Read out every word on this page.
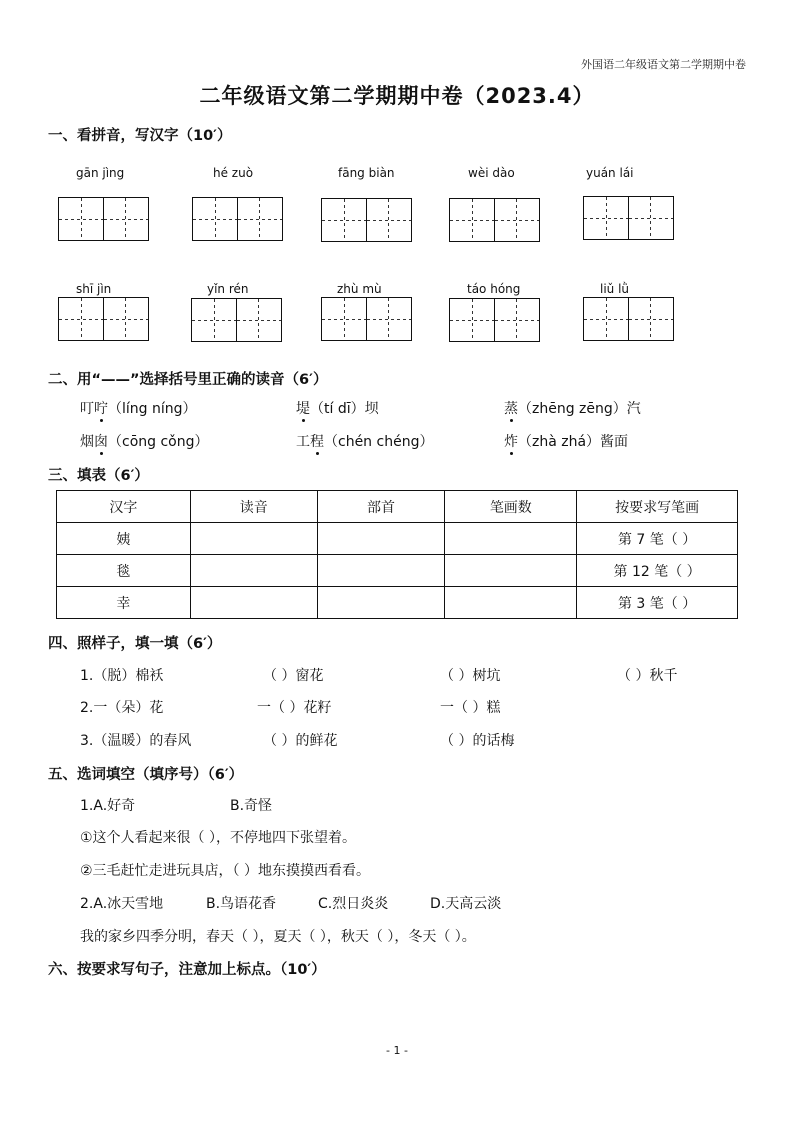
外国语二年级语文第二学期期中卷
二年级语文第二学期期中卷（2023.4）
一、看拼音，写汉字（10′）
gān jìng	hé zuò	fāng biàn	wèi dào	yuán lái
shī jìn	yǐn rén	zhù mù	táo hóng	liǔ lǜ
二、用“——”选择括号里正确的读音（6′）
叮咛（líng níng）	堤（tí dī）坝	蒸（zhēng zēng）汽
烟囱（cōng cǒng）	工程（chén chéng）	炸（zhà zhá）酱面
三、填表（6′）
汉字	读音	部首	笔画数	按要求写笔画
姨				第 7 笔（ ）
毯				第 12 笔（ ）
幸				第 3 笔（ ）
四、照样子，填一填（6′）
1.（脱）棉袄	（ ）窗花	（ ）树坑	（ ）秋千
2.一（朵）花	一（ ）花籽	一（ ）糕
3.（温暖）的春风	（ ）的鲜花	（ ）的话梅
五、选词填空（填序号）（6′）
1.A.好奇	B.奇怪
①这个人看起来很（ ），不停地四下张望着。
②三毛赶忙走进玩具店，（ ）地东摸摸西看看。
2.A.冰天雪地	B.鸟语花香	C.烈日炎炎	D.天高云淡
我的家乡四季分明，春天（ ），夏天（ ），秋天（ ），冬天（ ）。
六、按要求写句子，注意加上标点。（10′）
- 1 -
